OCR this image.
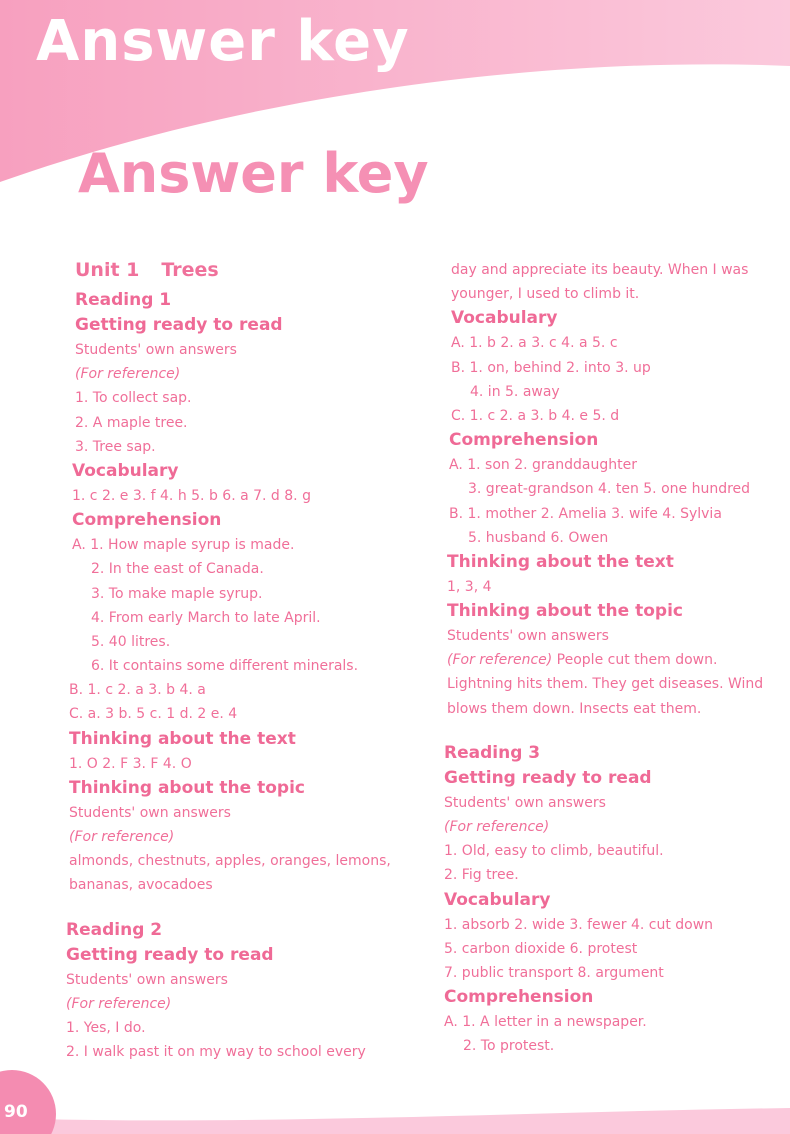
Answer key
Answer key
Unit 1 Trees
Reading 1
Getting ready to read
Students' own answers
(For reference)
1. To collect sap.
2. A maple tree.
3. Tree sap.
Vocabulary
1. c 2. e 3. f 4. h 5. b 6. a 7. d 8. g
Comprehension
A. 1. How maple syrup is made.
2. In the east of Canada.
3. To make maple syrup.
4. From early March to late April.
5. 40 litres.
6. It contains some different minerals.
B. 1. c 2. a 3. b 4. a
C. a. 3 b. 5 c. 1 d. 2 e. 4
Thinking about the text
1. O 2. F 3. F 4. O
Thinking about the topic
Students' own answers
(For reference)
almonds, chestnuts, apples, oranges, lemons,
bananas, avocadoes
Reading 2
Getting ready to read
Students' own answers
(For reference)
1. Yes, I do.
2. I walk past it on my way to school every
day and appreciate its beauty. When I was
younger, I used to climb it.
Vocabulary
A. 1. b 2. a 3. c 4. a 5. c
B. 1. on, behind 2. into 3. up
4. in 5. away
C. 1. c 2. a 3. b 4. e 5. d
Comprehension
A. 1. son 2. granddaughter
3. great-grandson 4. ten 5. one hundred
B. 1. mother 2. Amelia 3. wife 4. Sylvia
5. husband 6. Owen
Thinking about the text
1, 3, 4
Thinking about the topic
Students' own answers
(For reference) People cut them down.
Lightning hits them. They get diseases. Wind
blows them down. Insects eat them.
Reading 3
Getting ready to read
Students' own answers
(For reference)
1. Old, easy to climb, beautiful.
2. Fig tree.
Vocabulary
1. absorb 2. wide 3. fewer 4. cut down
5. carbon dioxide 6. protest
7. public transport 8. argument
Comprehension
A. 1. A letter in a newspaper.
2. To protest.
90
